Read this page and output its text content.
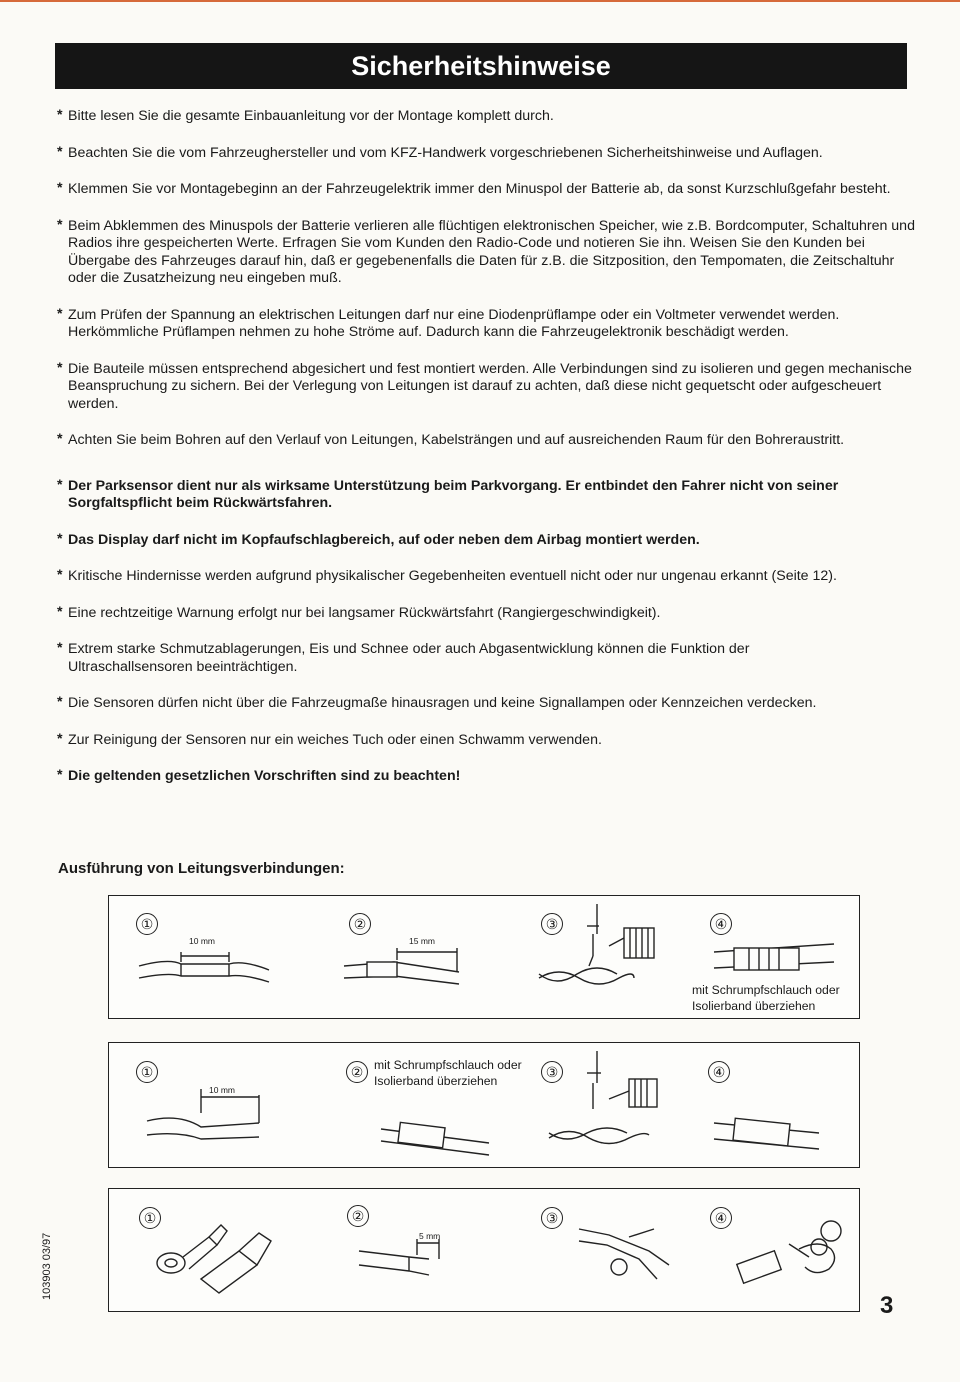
Sicherheitshinweise
* Bitte lesen Sie die gesamte Einbauanleitung vor der Montage komplett durch.
* Beachten Sie die vom Fahrzeughersteller und vom KFZ-Handwerk vorgeschriebenen Sicherheitshinweise und Auflagen.
* Klemmen Sie vor Montagebeginn an der Fahrzeugelektrik immer den Minuspol der Batterie ab, da sonst Kurzschlußgefahr besteht.
* Beim Abklemmen des Minuspols der Batterie verlieren alle flüchtigen elektronischen Speicher, wie z.B. Bordcomputer, Schaltuhren und Radios ihre gespeicherten Werte. Erfragen Sie vom Kunden den Radio-Code und notieren Sie ihn. Weisen Sie den Kunden bei Übergabe des Fahrzeuges darauf hin, daß er gegebenenfalls die Daten für z.B. die Sitzposition, den Tempomaten, die Zeitschaltuhr oder die Zusatzheizung neu eingeben muß.
* Zum Prüfen der Spannung an elektrischen Leitungen darf nur eine Diodenprüflampe oder ein Voltmeter verwendet werden. Herkömmliche Prüflampen nehmen zu hohe Ströme auf. Dadurch kann die Fahrzeugelektronik beschädigt werden.
* Die Bauteile müssen entsprechend abgesichert und fest montiert werden. Alle Verbindungen sind zu isolieren und gegen mechanische Beanspruchung zu sichern. Bei der Verlegung von Leitungen ist darauf zu achten, daß diese nicht gequetscht oder aufgescheuert werden.
* Achten Sie beim Bohren auf den Verlauf von Leitungen, Kabelsträngen und auf ausreichenden Raum für den Bohreraustritt.
* Der Parksensor dient nur als wirksame Unterstützung beim Parkvorgang. Er entbindet den Fahrer nicht von seiner Sorgfaltspflicht beim Rückwärtsfahren.
* Das Display darf nicht im Kopfaufschlagbereich, auf oder neben dem Airbag montiert werden.
* Kritische Hindernisse werden aufgrund physikalischer Gegebenheiten eventuell nicht oder nur ungenau erkannt (Seite 12).
* Eine rechtzeitige Warnung erfolgt nur bei langsamer Rückwärtsfahrt (Rangiergeschwindigkeit).
* Extrem starke Schmutzablagerungen, Eis und Schnee oder auch Abgasentwicklung können die Funktion der Ultraschallsensoren beeinträchtigen.
* Die Sensoren dürfen nicht über die Fahrzeugmaße hinausragen und keine Signallampen oder Kennzeichen verdecken.
* Zur Reinigung der Sensoren nur ein weiches Tuch oder einen Schwamm verwenden.
* Die geltenden gesetzlichen Vorschriften sind zu beachten!
Ausführung von Leitungsverbindungen:
①	②	③	④
10 mm	15 mm
mit Schrumpfschlauch oder
Isolierband überziehen
①	②	③	④
10 mm
mit Schrumpfschlauch oder
Isolierband überziehen
①	②	③	④
5 mm
103903 03/97
3
